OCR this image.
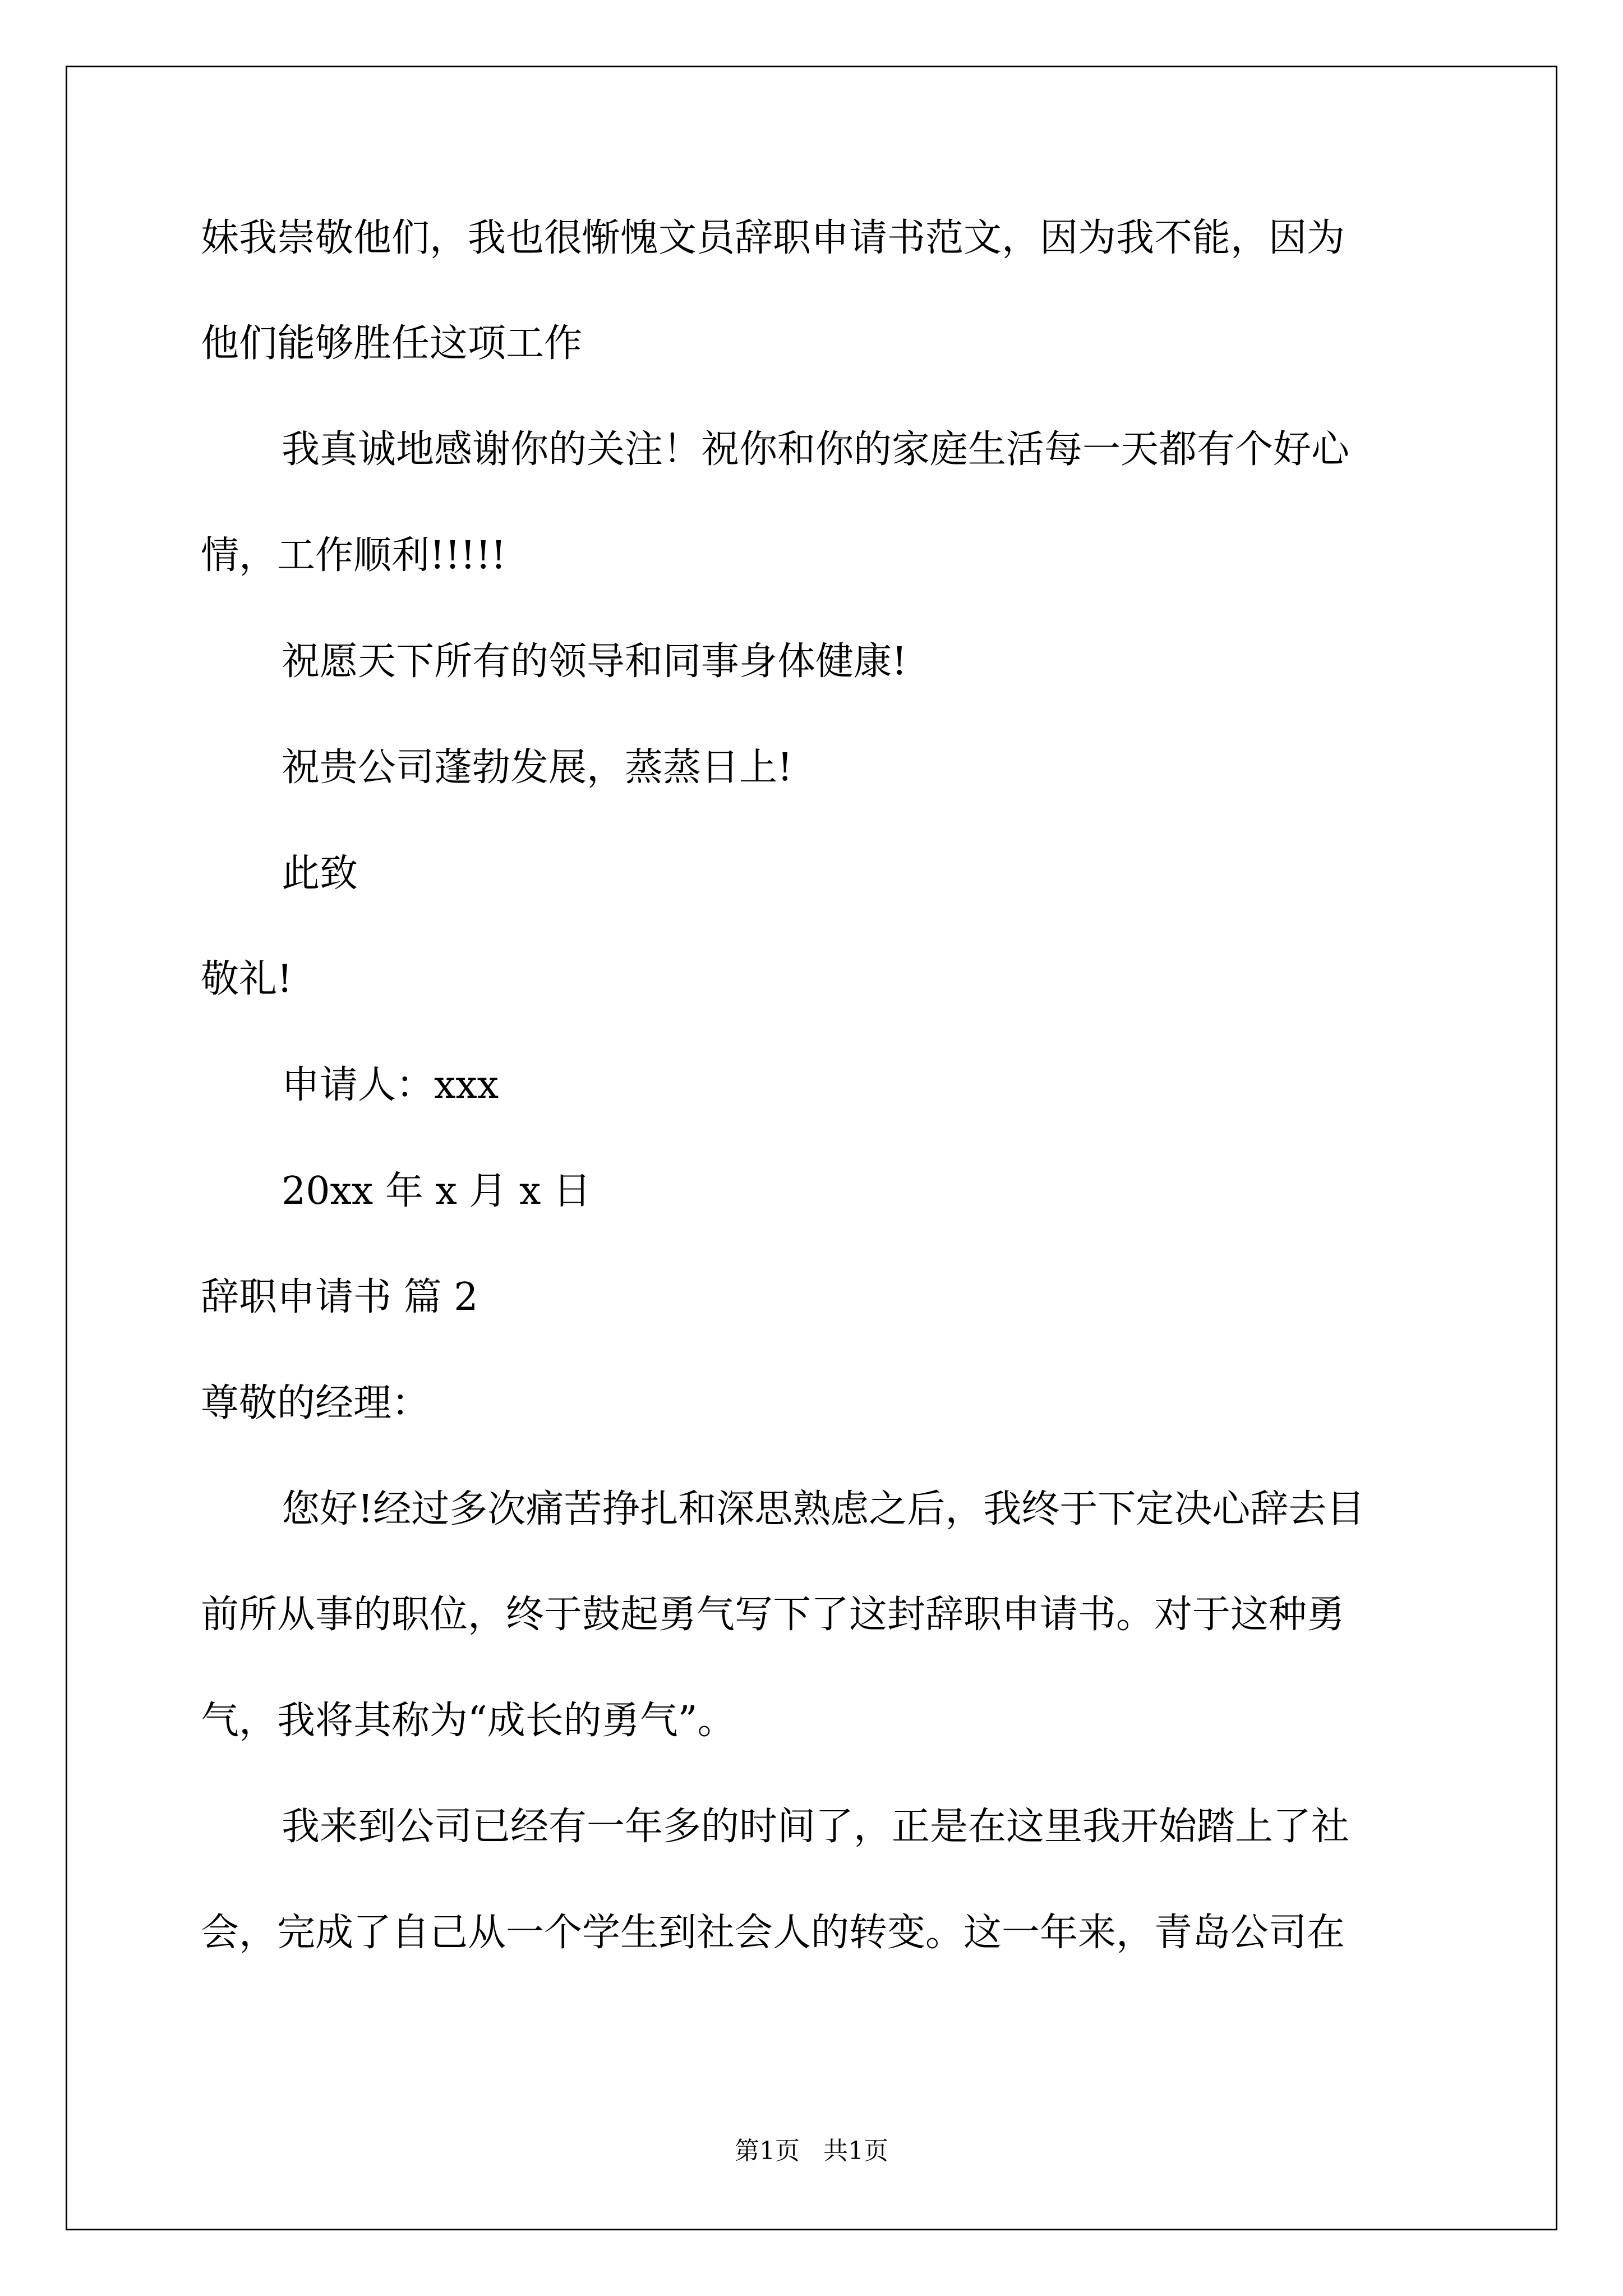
妹我崇敬他们，我也很惭愧文员辞职申请书范文，因为我不能，因为
他们能够胜任这项工作
我真诚地感谢你的关注！祝你和你的家庭生活每一天都有个好心
情，工作顺利!!!!!
祝愿天下所有的领导和同事身体健康!
祝贵公司蓬勃发展，蒸蒸日上!
此致
敬礼!
申请人：xxx
20xx 年 x 月 x 日
辞职申请书 篇 2
尊敬的经理：
您好!经过多次痛苦挣扎和深思熟虑之后，我终于下定决心辞去目
前所从事的职位，终于鼓起勇气写下了这封辞职申请书。对于这种勇
气，我将其称为“成长的勇气”。
我来到公司已经有一年多的时间了，正是在这里我开始踏上了社
会，完成了自己从一个学生到社会人的转变。这一年来，青岛公司在
第1页   共1页
